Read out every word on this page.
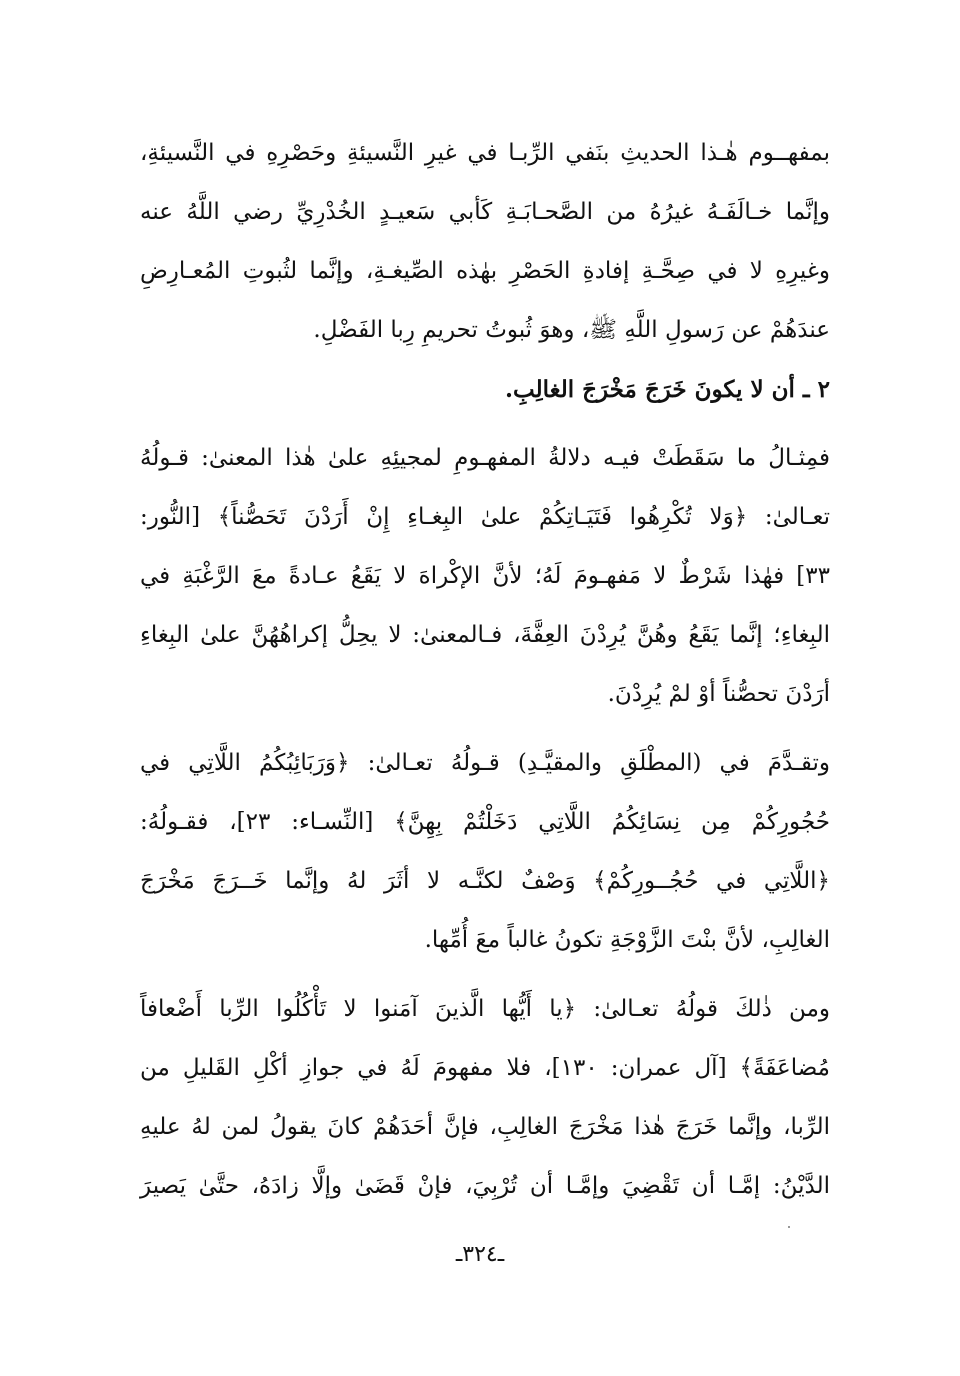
بمفهــوم هٰـذا الحديثِ بنَفي الرِّبـا في غيرِ النَّسيئةِ وحَصْرِهِ في النَّسيئةِ،
وإنَّما خـالَفَـهُ غيرُهُ من الصَّحـابَـةِ كَأبي سَعيـدٍ الخُدْرِيِّ رضي اللَّهُ عنه
وغيرِهِ لا في صِحَّـةِ إفادةِ الحَصْرِ بهٰذه الصِّيغـةِ، وإنَّما لثُبوتِ المُعـارِضِ
عندَهُمْ عن رَسولِ اللَّهِ ﷺ، وهوَ ثُبوتُ تحريمِ رِبا الفَضْلِ.
٢ ـ أن لا يكونَ خَرَجَ مَخْرَجَ الغالِبِ.
فمِثـالُ ما سَقَطَتْ فيـه دلالةُ المفهـومِ لمجيئِهِ علىٰ هٰذا المعنىٰ: قـولُهُ
تعـالىٰ: ﴿وَلا تُكْرِهُوا فَتَيَـاتِكُمْ علىٰ البِغـاءِ إِنْ أَرَدْنَ تَحَصُّناً﴾ [النُّور:
٣٣] فهٰذا شَرْطٌ لا مَفهـومَ لَهُ؛ لأنَّ الإكْراهَ لا يَقَعُ عـادةً معَ الرَّغْبَةِ في
البِغاءِ؛ إنَّما يَقَعُ وهُنَّ يُرِدْنَ العِفَّةَ، فـالمعنىٰ: لا يحِلُّ إكراهُهُنَّ علىٰ البِغاءِ
أرَدْنَ تحصُّناً أوْ لمْ يُرِدْنَ.
وتقـدَّمَ في (المطْلَقِ والمقيَّـدِ) قـولُهُ تعـالىٰ: ﴿وَرَبَائِبُكُمُ اللَّاتِي في
حُجُورِكُمْ مِن نِسَائِكُمُ اللَّاتِي دَخَلْتُمْ بِهِنَّ﴾ [النِّسـاء: ٢٣]، فقـولُهُ:
﴿اللَّاتِي في حُجُــورِكُمْ﴾ وَصْفٌ لكنَّـه لا أثَرَ لهُ وإنَّما خَــرَجَ مَخْرَجَ
الغالِبِ، لأنَّ بنْتَ الزَّوْجَةِ تكونُ غالباً معَ أُمِّها.
ومن ذٰلكَ قولُهُ تعـالىٰ: ﴿يا أَيُّها الَّذينَ آمَنوا لا تَأْكُلُوا الرِّبا أَضْعافاً
مُضاعَفَةً﴾ [آل عمران: ١٣٠]، فلا مفهومَ لَهُ في جوازِ أكْلِ القَليلِ من
الرِّبا، وإنَّما خَرَجَ هٰذا مَخْرَجَ الغالِبِ، فإنَّ أحَدَهُمْ كانَ يقولُ لمن لهُ عليهِ
الدَّيْنُ: إمَّـا أن تَقْضِيَ وإمَّـا أن تُرْبِيَ، فإنْ قَضَىٰ وإلَّا زادَهُ، حتَّىٰ يَصيرَ
ـ٣٢٤ـ
